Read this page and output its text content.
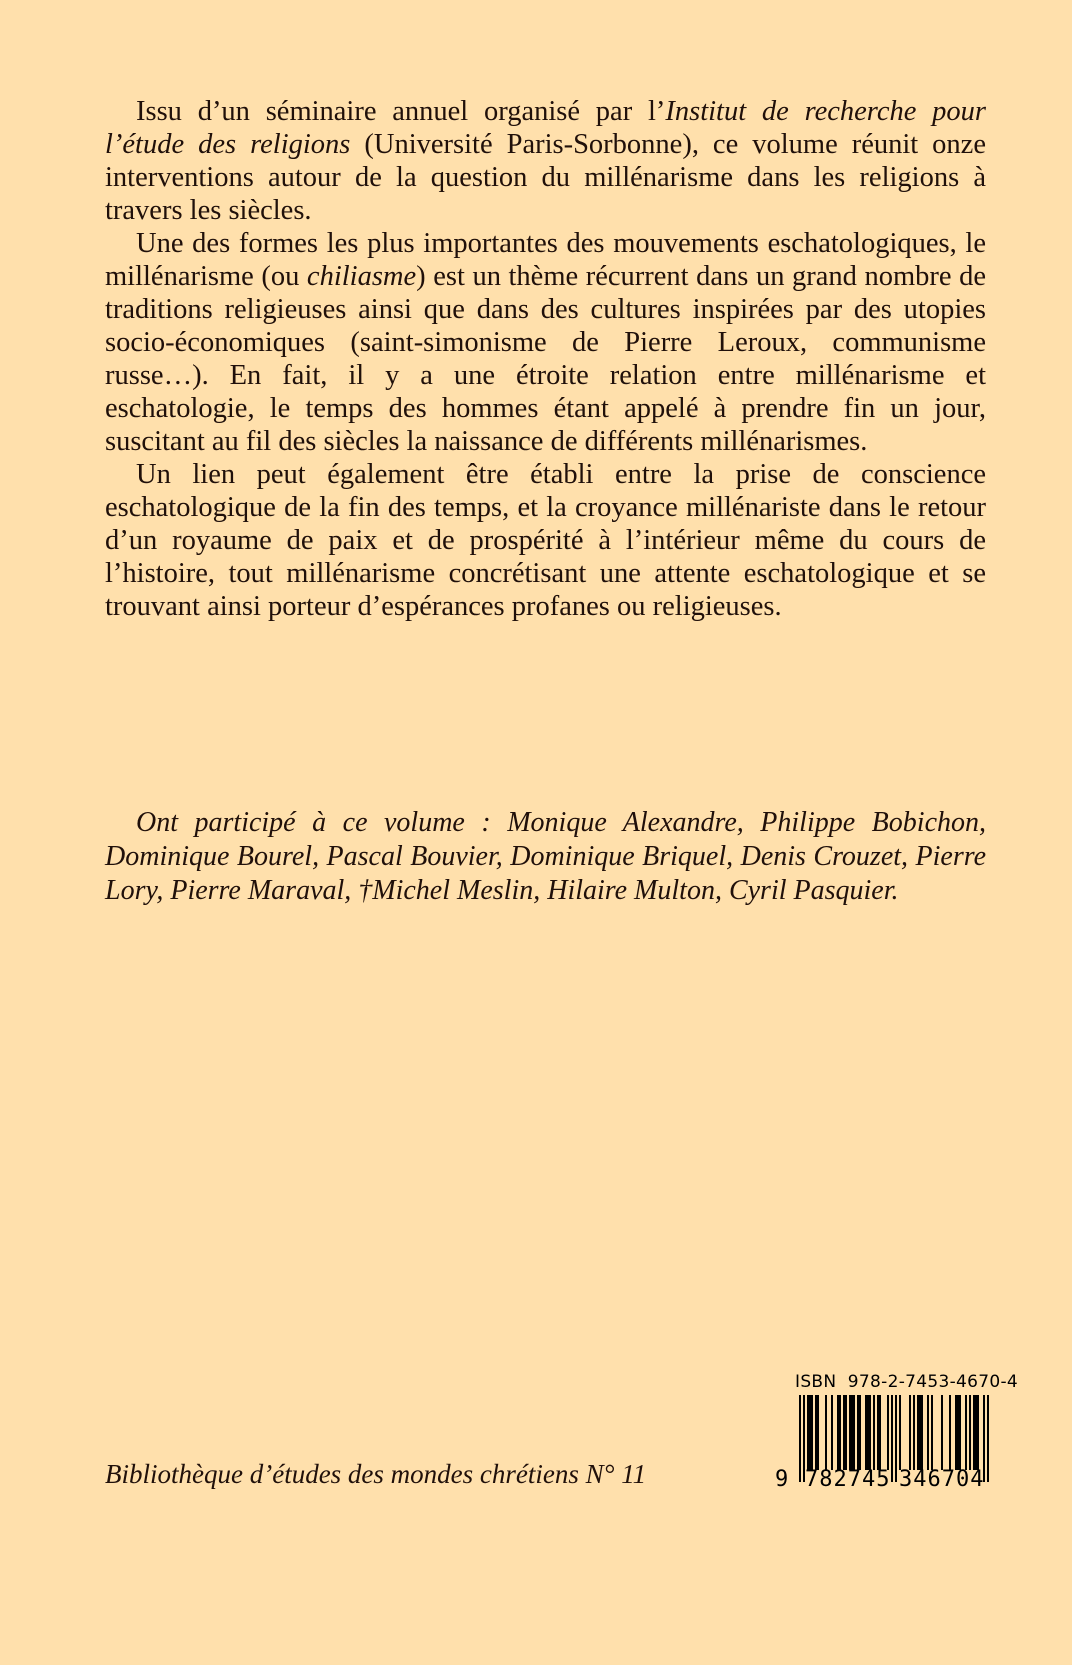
Issu d’un séminaire annuel organisé par l’Institut de recherche pour l’étude des religions (Université Paris-Sorbonne), ce volume réunit onze interventions autour de la question du millénarisme dans les religions à travers les siècles.

Une des formes les plus importantes des mouvements eschatologiques, le millénarisme (ou chiliasme) est un thème récurrent dans un grand nombre de traditions religieuses ainsi que dans des cultures inspirées par des utopies socio-économiques (saint-simonisme de Pierre Leroux, communisme russe…). En fait, il y a une étroite relation entre millénarisme et eschatologie, le temps des hommes étant appelé à prendre fin un jour, suscitant au fil des siècles la naissance de différents millénarismes.

Un lien peut également être établi entre la prise de conscience eschatologique de la fin des temps, et la croyance millénariste dans le retour d’un royaume de paix et de prospérité à l’intérieur même du cours de l’histoire, tout millénarisme concrétisant une attente eschatologique et se trouvant ainsi porteur d’espérances profanes ou religieuses.

Ont participé à ce volume : Monique Alexandre, Philippe Bobichon, Dominique Bourel, Pascal Bouvier, Dominique Briquel, Denis Crouzet, Pierre Lory, Pierre Maraval, †Michel Meslin, Hilaire Multon, Cyril Pasquier.

ISBN  978-2-7453-4670-4
9 782745 346704

Bibliothèque d’études des mondes chrétiens N° 11
